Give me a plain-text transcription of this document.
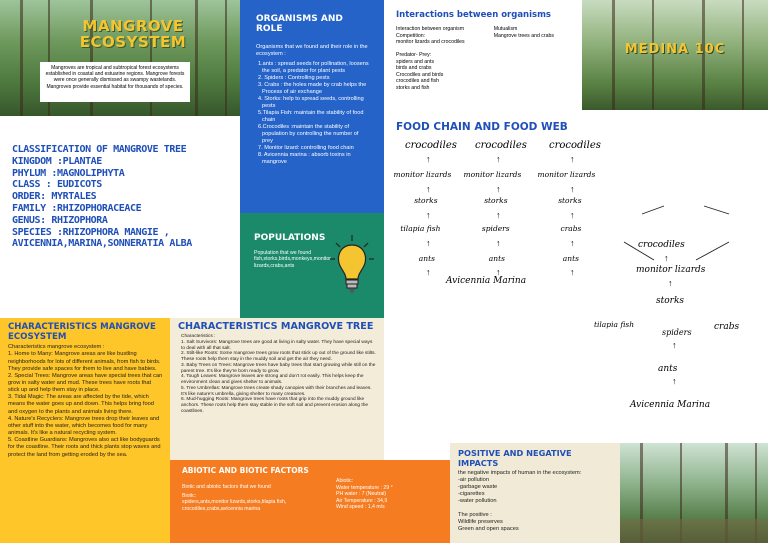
MANGROVE
ECOSYSTEM
Mangroves are tropical and subtropical forest ecosystems established in coastal and estuarine regions. Mangrove forests were once generally dismissed as swampy wastelands. Mangroves provide essential habitat for thousands of species.
ORGANISMS AND ROLE
Organisms that we found and their role in the ecosystem :
1.ants : spread seeds for pollination, loosens the soil, a predator for plant pests
2. Spiders : Controlling pests
3. Crabs : the holes made by crab helps the Process of air exchange
4. Storks: help to spread seeds, controlling pests
5.Tilapia Fish: maintain the stability of food chain
6.Crocodiles :maintain the stability of population by controlling the number of prey
7. Monitor lizard: controlling food chain
8. Avicennia marina : absorb toxins in mangrove
Interactions between organisms
Interaction between organism
Competition:
monitor lizards and crocodiles

Predator- Prey:
spiders and ants
birds and crabs
Crocodiles and birds
crocodiles and fish
storks and fish
Mutualism
Mangrove trees and crabs
MEDINA 10C
CLASSIFICATION OF MANGROVE TREE
KINGDOM :PLANTAE
PHYLUM :MAGNOLIPHYTA
CLASS : EUDICOTS
ORDER: MYRTALES
FAMILY :RHIZOPHORACEACE
GENUS: RHIZOPHORA
SPECIES :RHIZOPHORA MANGIE ,
AVICENNIA,MARINA,SONNERATIA ALBA
POPULATIONS
Population that we found fish,storks,birds,monkeys,monitor lizards,crabs,ants
FOOD CHAIN AND FOOD WEB
crocodiles
↑
monitor lizards
↑
storks
↑
tilapia fish
↑
ants
↑
crocodiles
↑
monitor lizards
↑
storks
↑
spiders
↑
ants
↑
crocodiles
↑
monitor lizards
↑
storks
↑
crabs
↑
ants
↑
Avicennia Marina
crocodiles
↑
monitor lizards
↑
storks
tilapia fish
spiders
crabs
↑
ants
↑
Avicennia Marina
CHARACTERISTICS MANGROVE ECOSYSTEM
Characteristics mangrove ecosystem :
1. Home to Many: Mangrove areas are like bustling neighborhoods for lots of different animals, from fish to birds. They provide safe spaces for them to live and have babies.
2. Special Trees: Mangrove areas have special trees that can grow in salty water and mud. These trees have roots that stick up and help them stay in place.
3. Tidal Magic: The areas are affected by the tide, which means the water goes up and down. This helps bring food and oxygen to the plants and animals living there.
4. Nature's Recyclers: Mangrove trees drop their leaves and other stuff into the water, which becomes food for many animals. It's like a natural recycling system.
5. Coastline Guardians: Mangroves also act like bodyguards for the coastline. Their roots and thick plants stop waves and protect the land from getting eroded by the sea.
CHARACTERISTICS MANGROVE TREE
Characteristics :
1. Salt Survivors: Mangrove trees are good at living in salty water. They have special ways to deal with all that salt.
2. Stilt-like Roots: Some mangrove trees grow roots that stick up out of the ground like stilts. These roots help them stay in the muddy soil and get the air they need.
3. Baby Trees on Trees: Mangrove trees have baby trees that start growing while still on the parent tree. It's like they're born ready to grow.
4. Tough Leaves: Mangrove leaves are strong and don't rot easily. This helps keep the environment clean and gives shelter to animals.
5. Tree Umbrellas: Mangrove trees create shady canopies with their branches and leaves. It's like nature's umbrella, giving shelter to many creatures.
6. Mud-hugging Roots: Mangrove trees have roots that grip into the muddy ground like anchors. These roots help them stay stable in the soft soil and prevent erosion along the coastlines.
ABIOTIC AND BIOTIC FACTORS
Biotic and abiotic factors that we found
Biotic:
spiders,ants,monitor lizards,storks,tilapia fish, crocodiles,crabs,avicennia marina
Abiotic:
Water temperature : 29 °
PH water : 7 (Neutral)
Air Temperature : 34,9
Wind speed : 1,4 m/s
POSITIVE AND NEGATIVE IMPACTS
the negative impacts of human in the ecosystem:
-air pollution
-garbage waste
-cigarettes
-water pollution

The positive :
Wildlife preserves
Green and open spaces
